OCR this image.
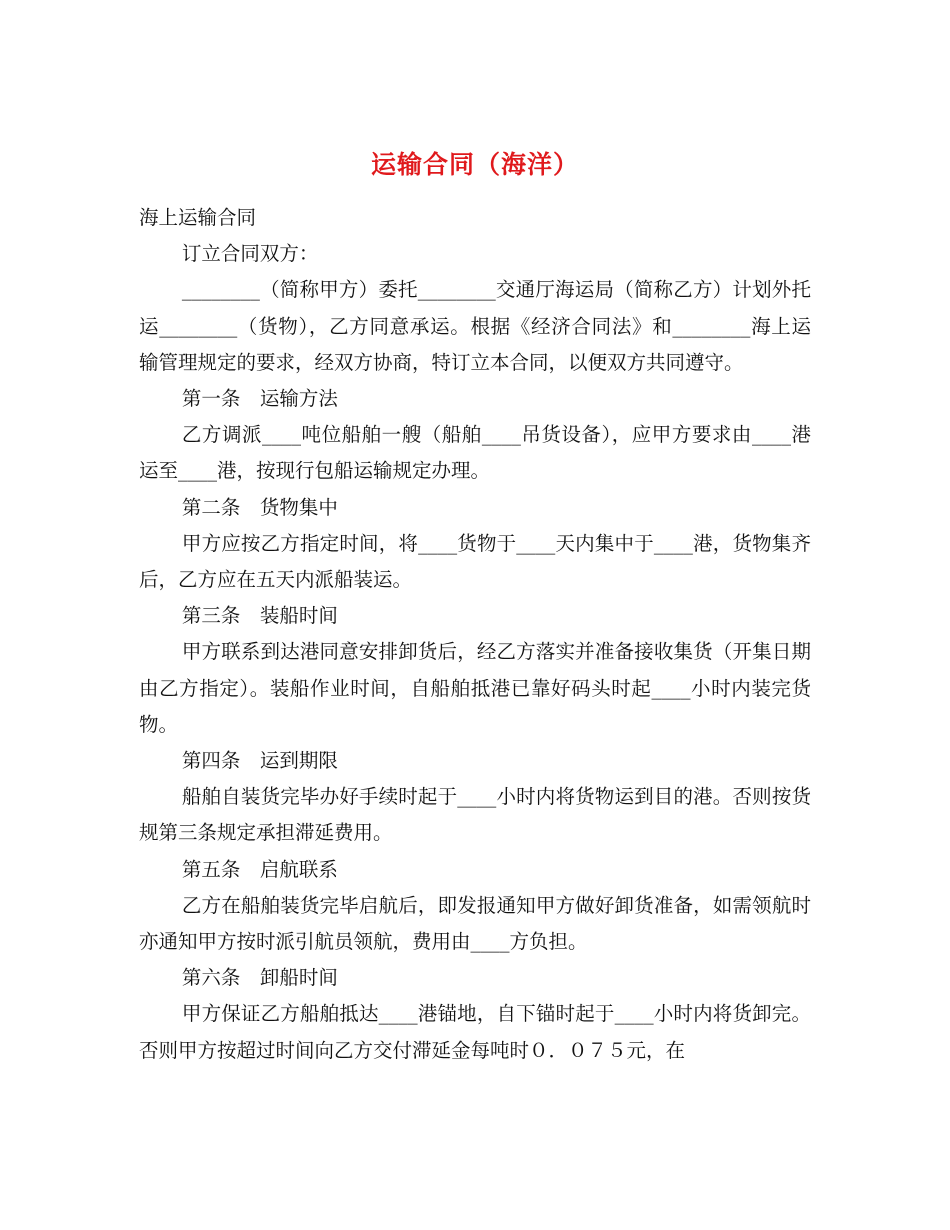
运输合同（海洋）

海上运输合同

订立合同双方：

________（简称甲方）委托________交通厅海运局（简称乙方）计划外托运________（货物），乙方同意承运。根据《经济合同法》和________海上运输管理规定的要求，经双方协商，特订立本合同，以便双方共同遵守。

第一条　运输方法

乙方调派____吨位船舶一艘（船舶____吊货设备），应甲方要求由____港运至____港，按现行包船运输规定办理。

第二条　货物集中

甲方应按乙方指定时间，将____货物于____天内集中于____港，货物集齐后，乙方应在五天内派船装运。

第三条　装船时间

甲方联系到达港同意安排卸货后，经乙方落实并准备接收集货（开集日期由乙方指定）。装船作业时间，自船舶抵港已靠好码头时起____小时内装完货物。

第四条　运到期限

船舶自装货完毕办好手续时起于____小时内将货物运到目的港。否则按货规第三条规定承担滞延费用。

第五条　启航联系

乙方在船舶装货完毕启航后，即发报通知甲方做好卸货准备，如需领航时亦通知甲方按时派引航员领航，费用由____方负担。

第六条　卸船时间

甲方保证乙方船舶抵达____港锚地，自下锚时起于____小时内将货卸完。否则甲方按超过时间向乙方交付滞延金每吨时０．０７５元，在
